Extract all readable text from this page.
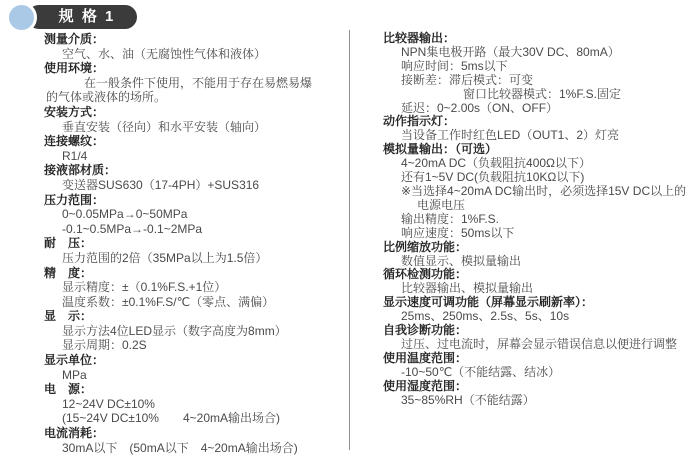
规 格 1
测量介质：
空气、水、油（无腐蚀性气体和液体）
使用环境：
在一般条件下使用，不能用于存在易燃易爆
的气体或液体的场所。
安装方式：
垂直安装（径向）和水平安装（轴向）
连接螺纹：
R1/4
接液部材质：
变送器SUS630（17-4PH）+SUS316
压力范围：
0~0.05MPa→0~50MPa
-0.1~0.5MPa→-0.1~2MPa
耐　压：
压力范围的2倍（35MPa以上为1.5倍）
精　度：
显示精度：±（0.1%F.S.+1位）
温度系数：±0.1%F.S/℃（零点、满偏）
显　示：
显示方法4位LED显示（数字高度为8mm）
显示周期：0.2S
显示单位：
MPa
电　源：
12~24V DC±10%
(15~24V DC±10%　　4~20mA输出场合)
电流消耗：
30mA以下　(50mA以下　4~20mA输出场合)
比较器输出：
NPN集电极开路（最大30V DC、80mA）
响应时间：5ms以下
接断差：滞后模式：可变
窗口比较器模式：1%F.S.固定
延迟：0~2.00s（ON、OFF）
动作指示灯：
当设备工作时红色LED（OUT1、2）灯亮
模拟量输出：（可选）
4~20mA DC（负载阻抗400Ω以下）
还有1~5V DC(负载阻抗10KΩ以下)
※当选择4~20mA DC输出时，必须选择15V DC以上的
电源电压
输出精度：1%F.S.
响应速度：50ms以下
比例缩放功能：
数值显示、模拟量输出
循环检测功能：
比较器输出、模拟量输出
显示速度可调功能（屏幕显示刷新率）：
25ms、250ms、2.5s、5s、10s
自我诊断功能：
过压、过电流时，屏幕会显示错误信息以便进行调整
使用温度范围：
-10~50℃（不能结露、结冰）
使用湿度范围：
35~85%RH（不能结露）
